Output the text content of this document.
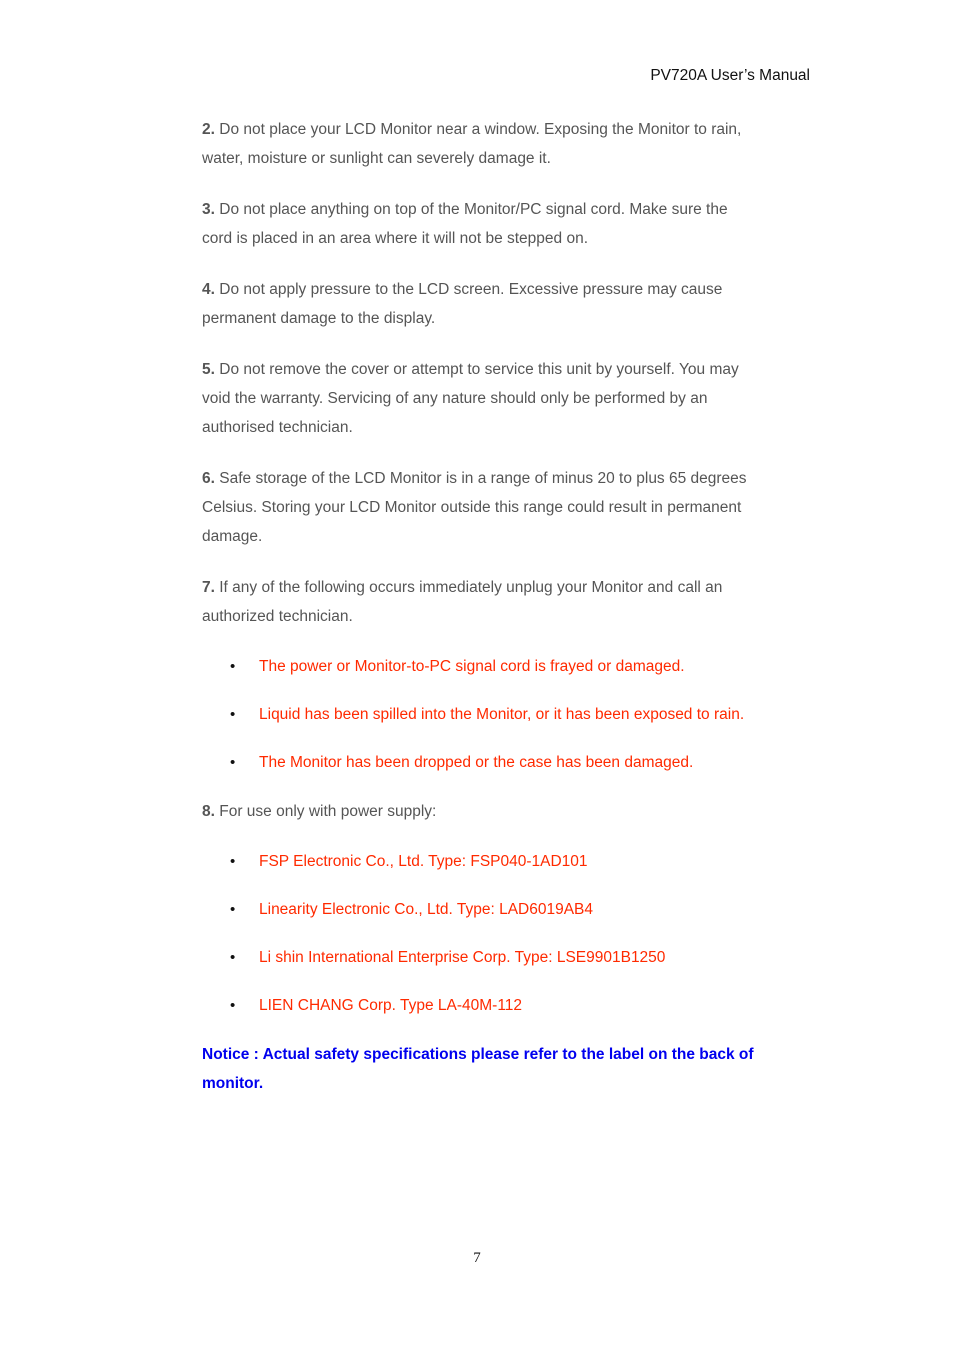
PV720A User’s Manual

2. Do not place your LCD Monitor near a window. Exposing the Monitor to rain, water, moisture or sunlight can severely damage it.

3. Do not place anything on top of the Monitor/PC signal cord. Make sure the cord is placed in an area where it will not be stepped on.

4. Do not apply pressure to the LCD screen. Excessive pressure may cause permanent damage to the display.

5. Do not remove the cover or attempt to service this unit by yourself. You may void the warranty. Servicing of any nature should only be performed by an authorised technician.

6. Safe storage of the LCD Monitor is in a range of minus 20 to plus 65 degrees Celsius. Storing your LCD Monitor outside this range could result in permanent damage.

7. If any of the following occurs immediately unplug your Monitor and call an authorized technician.

• The power or Monitor-to-PC signal cord is frayed or damaged.
• Liquid has been spilled into the Monitor, or it has been exposed to rain.
• The Monitor has been dropped or the case has been damaged.

8. For use only with power supply:

• FSP Electronic Co., Ltd. Type: FSP040-1AD101
• Linearity Electronic Co., Ltd. Type: LAD6019AB4
• Li shin International Enterprise Corp. Type: LSE9901B1250
• LIEN CHANG Corp. Type LA-40M-112

Notice : Actual safety specifications please refer to the label on the back of monitor.

7
